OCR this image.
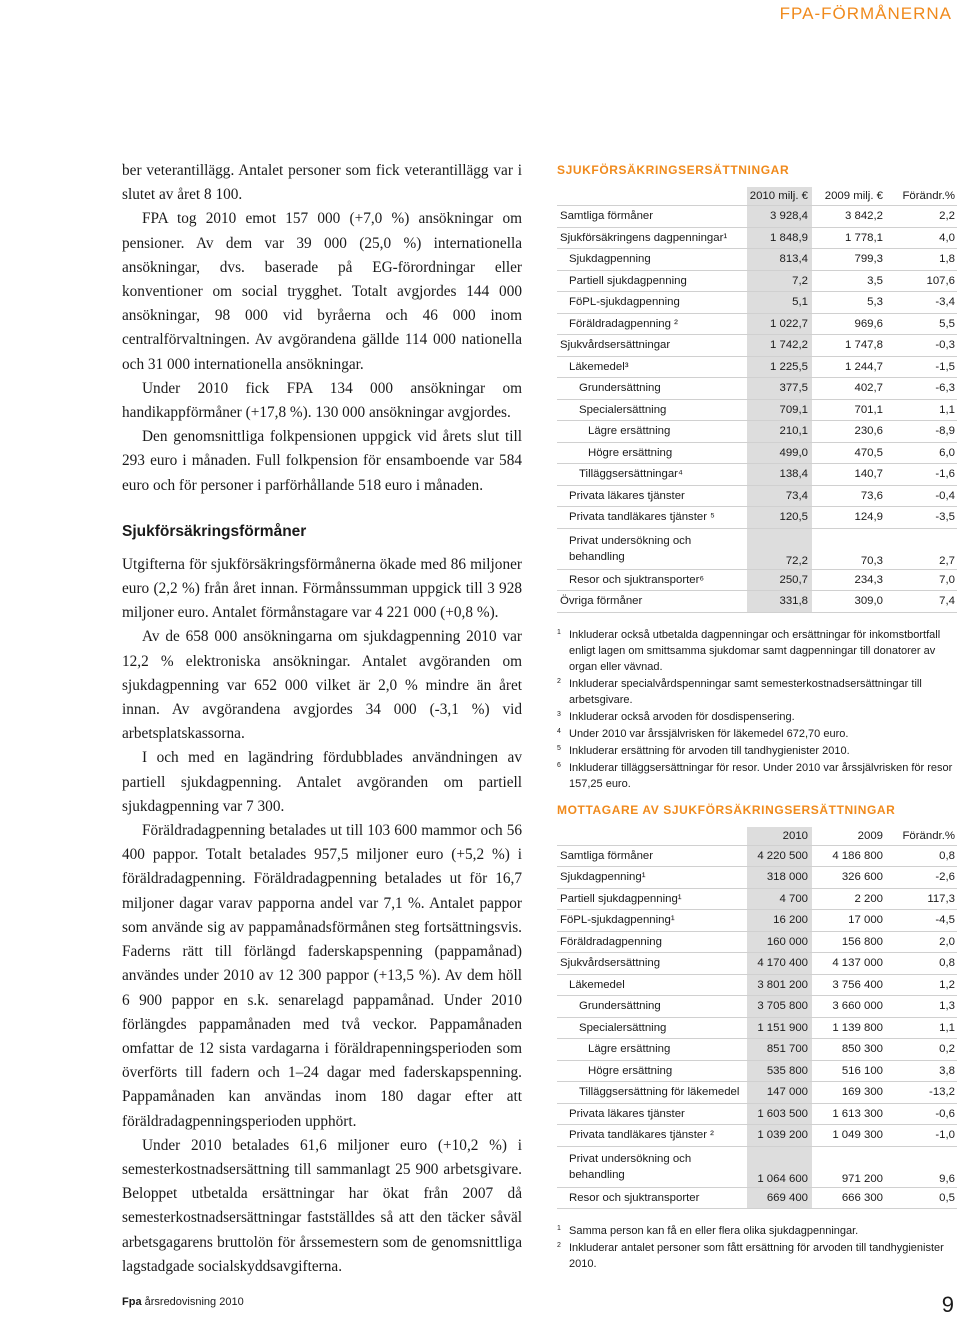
FPA-FÖRMÅNERNA

ber veterantillägg. Antalet personer som fick veterantillägg var i slutet av året 8 100.

FPA tog 2010 emot 157 000 (+7,0 %) ansökningar om pensioner. Av dem var 39 000 (25,0 %) internationella ansökningar, dvs. baserade på EG-förordningar eller konventioner om social trygghet. Totalt avgjordes 144 000 ansökningar, 98 000 vid byråerna och 46 000 inom centralförvaltningen. Av avgörandena gällde 114 000 nationella och 31 000 internationella ansökningar.

Under 2010 fick FPA 134 000 ansökningar om handikappförmåner (+17,8 %). 130 000 ansökningar avgjordes.

Den genomsnittliga folkpensionen uppgick vid årets slut till 293 euro i månaden. Full folkpension för ensamboende var 584 euro och för personer i parförhållande 518 euro i månaden.

Sjukförsäkringsförmåner

Utgifterna för sjukförsäkringsförmånerna ökade med 86 miljoner euro (2,2 %) från året innan. Förmånssumman uppgick till 3 928 miljoner euro. Antalet förmånstagare var 4 221 000 (+0,8 %).

Av de 658 000 ansökningarna om sjukdagpenning 2010 var 12,2 % elektroniska ansökningar. Antalet avgöranden om sjukdagpenning var 652 000 vilket är 2,0 % mindre än året innan. Av avgörandena avgjordes 34 000 (-3,1 %) vid arbetsplatskassorna.

I och med en lagändring fördubblades användningen av partiell sjukdagpenning. Antalet avgöranden om partiell sjukdagpenning var 7 300.

Föräldradagpenning betalades ut till 103 600 mammor och 56 400 pappor. Totalt betalades 957,5 miljoner euro (+5,2 %) i föräldradagpenning. Föräldradagpenning betalades ut för 16,7 miljoner dagar varav papporna andel var 7,1 %. Antalet pappor som använde sig av pappamånadsförmånen steg fortsättningsvis. Faderns rätt till förlängd faderskapspenning (pappamånad) användes under 2010 av 12 300 pappor (+13,5 %). Av dem höll 6 900 pappor en s.k. senarelagd pappamånad. Under 2010 förlängdes pappamånaden med två veckor. Pappamånaden omfattar de 12 sista vardagarna i föräldrapenningsperioden som överförts till fadern och 1–24 dagar med faderskapspenning. Pappamånaden kan användas inom 180 dagar efter att föräldradagpenningsperioden upphört.

Under 2010 betalades 61,6 miljoner euro (+10,2 %) i semesterkostnadsersättning till sammanlagt 25 900 arbetsgivare. Beloppet utbetalda ersättningar har ökat från 2007 då semesterkostnadsersättningar fastställdes så att den täcker såväl arbetsgagarens bruttolön för årssemestern som de genomsnittliga lagstadgade socialskyddsavgifterna.

SJUKFÖRSÄKRINGSERSÄTTNINGAR
	2010 milj. €	2009 milj. €	Förändr.%
Samtliga förmåner	3 928,4	3 842,2	2,2
Sjukförsäkringens dagpenningar¹	1 848,9	1 778,1	4,0
Sjukdagpenning	813,4	799,3	1,8
Partiell sjukdagpenning	7,2	3,5	107,6
FöPL-sjukdagpenning	5,1	5,3	-3,4
Föräldradagpenning ²	1 022,7	969,6	5,5
Sjukvårdsersättningar	1 742,2	1 747,8	-0,3
Läkemedel³	1 225,5	1 244,7	-1,5
Grundersättning	377,5	402,7	-6,3
Specialersättning	709,1	701,1	1,1
Lägre ersättning	210,1	230,6	-8,9
Högre ersättning	499,0	470,5	6,0
Tilläggsersättningar⁴	138,4	140,7	-1,6
Privata läkares tjänster	73,4	73,6	-0,4
Privata tandläkares tjänster ⁵	120,5	124,9	-3,5
Privat undersökning och behandling	72,2	70,3	2,7
Resor och sjuktransporter⁶	250,7	234,3	7,0
Övriga förmåner	331,8	309,0	7,4
1 Inkluderar också utbetalda dagpenningar och ersättningar för inkomstbortfall enligt lagen om smittsamma sjukdomar samt dagpenningar till donatorer av organ eller vävnad.
2 Inkluderar specialvårdspenningar samt semesterkostnadsersättningar till arbetsgivare.
3 Inkluderar också arvoden för dosdispensering.
4 Under 2010 var årssjälvrisken för läkemedel 672,70 euro.
5 Inkluderar ersättning för arvoden till tandhygienister 2010.
6 Inkluderar tilläggsersättningar för resor. Under 2010 var årssjälvrisken för resor 157,25 euro.
MOTTAGARE AV SJUKFÖRSÄKRINGSERSÄTTNINGAR
	2010	2009	Förändr.%
Samtliga förmåner	4 220 500	4 186 800	0,8
Sjukdagpenning¹	318 000	326 600	-2,6
Partiell sjukdagpenning¹	4 700	2 200	117,3
FöPL-sjukdagpenning¹	16 200	17 000	-4,5
Föräldradagpenning	160 000	156 800	2,0
Sjukvårdsersättning	4 170 400	4 137 000	0,8
Läkemedel	3 801 200	3 756 400	1,2
Grundersättning	3 705 800	3 660 000	1,3
Specialersättning	1 151 900	1 139 800	1,1
Lägre ersättning	851 700	850 300	0,2
Högre ersättning	535 800	516 100	3,8
Tilläggsersättning för läkemedel	147 000	169 300	-13,2
Privata läkares tjänster	1 603 500	1 613 300	-0,6
Privata tandläkares tjänster ²	1 039 200	1 049 300	-1,0
Privat undersökning och behandling	1 064 600	971 200	9,6
Resor och sjuktransporter	669 400	666 300	0,5
1 Samma person kan få en eller flera olika sjukdagpenningar.
2 Inkluderar antalet personer som fått ersättning för arvoden till tandhygienister 2010.
Fpa årsredovisning 2010	9
